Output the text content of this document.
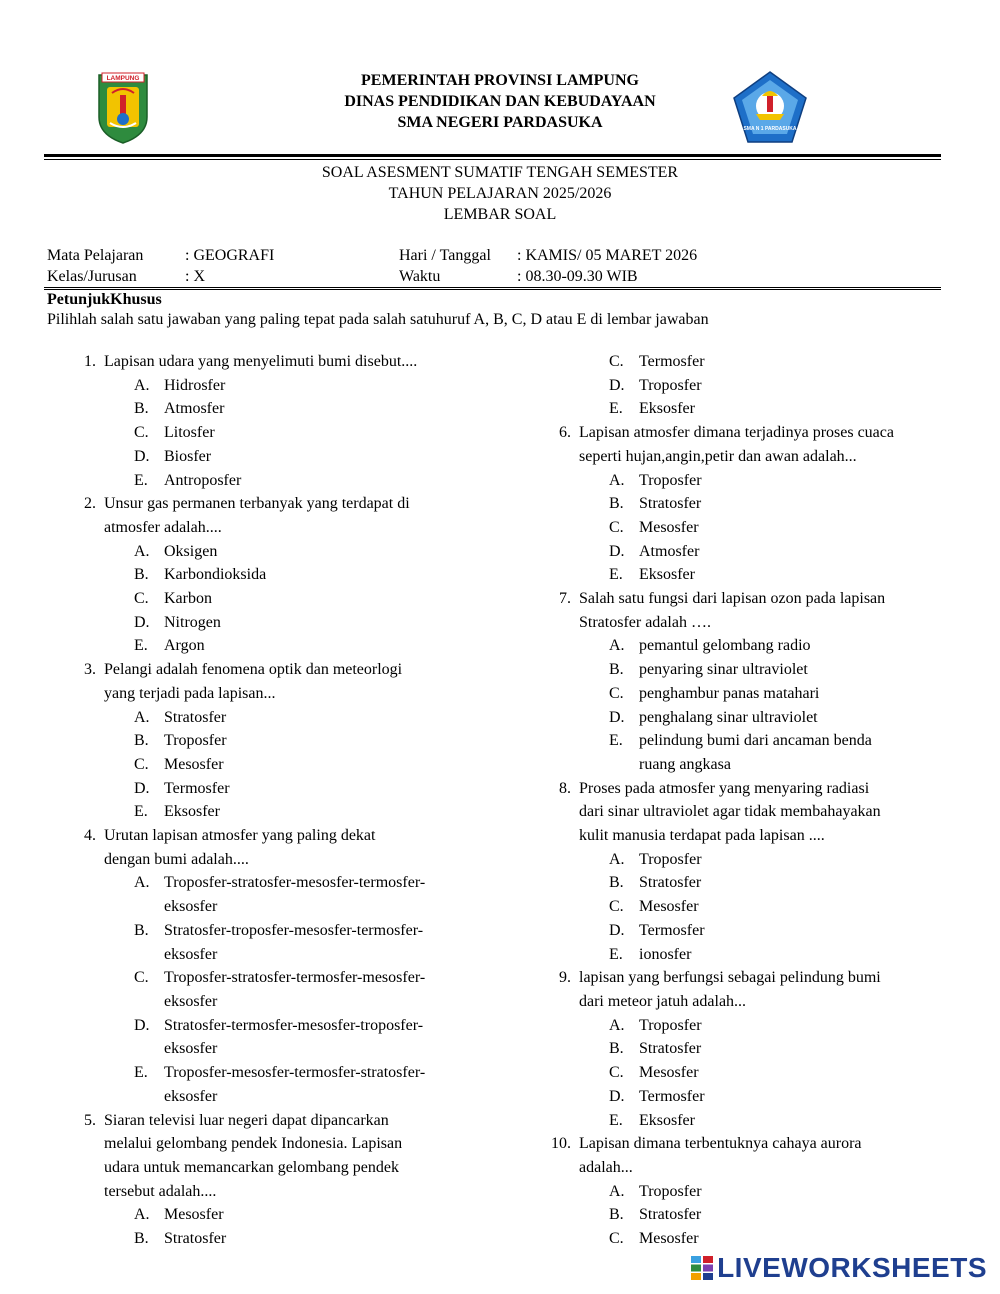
LAMPUNG
SMA N 1 PARDASUKA
PEMERINTAH PROVINSI LAMPUNG
DINAS PENDIDIKAN DAN KEBUDAYAAN
SMA NEGERI PARDASUKA
SOAL ASESMENT SUMATIF TENGAH SEMESTER
TAHUN PELAJARAN 2025/2026
LEMBAR SOAL
Mata Pelajaran	: GEOGRAFI	Hari / Tanggal : KAMIS/ 05 MARET 2026
Kelas/Jurusan	: X	Waktu	: 08.30-09.30 WIB
PetunjukKhusus
Pilihlah salah satu jawaban yang paling tepat pada salah satuhuruf A, B, C, D atau E di lembar jawaban
1. Lapisan udara yang menyelimuti bumi disebut....
A. Hidrosfer
B. Atmosfer
C. Litosfer
D. Biosfer
E. Antroposfer
2. Unsur gas permanen terbanyak yang terdapat di
atmosfer adalah....
A. Oksigen
B. Karbondioksida
C. Karbon
D. Nitrogen
E. Argon
3. Pelangi adalah fenomena optik dan meteorlogi
yang terjadi pada lapisan...
A. Stratosfer
B. Troposfer
C. Mesosfer
D. Termosfer
E. Eksosfer
4. Urutan lapisan atmosfer yang paling dekat
dengan bumi adalah....
A. Troposfer-stratosfer-mesosfer-termosfer-
eksosfer
B. Stratosfer-troposfer-mesosfer-termosfer-
eksosfer
C. Troposfer-stratosfer-termosfer-mesosfer-
eksosfer
D. Stratosfer-termosfer-mesosfer-troposfer-
eksosfer
E. Troposfer-mesosfer-termosfer-stratosfer-
eksosfer
5. Siaran televisi luar negeri dapat dipancarkan
melalui gelombang pendek Indonesia. Lapisan
udara untuk memancarkan gelombang pendek
tersebut adalah....
A. Mesosfer
B. Stratosfer
C. Termosfer
D. Troposfer
E. Eksosfer
6. Lapisan atmosfer dimana terjadinya proses cuaca
seperti hujan,angin,petir dan awan adalah...
A. Troposfer
B. Stratosfer
C. Mesosfer
D. Atmosfer
E. Eksosfer
7. Salah satu fungsi dari lapisan ozon pada lapisan
Stratosfer adalah ….
A. pemantul gelombang radio
B. penyaring sinar ultraviolet
C. penghambur panas matahari
D. penghalang sinar ultraviolet
E. pelindung bumi dari ancaman benda
ruang angkasa
8. Proses pada atmosfer yang menyaring radiasi
dari sinar ultraviolet agar tidak membahayakan
kulit manusia terdapat pada lapisan ....
A. Troposfer
B. Stratosfer
C. Mesosfer
D. Termosfer
E. ionosfer
9. lapisan yang berfungsi sebagai pelindung bumi
dari meteor jatuh adalah...
A. Troposfer
B. Stratosfer
C. Mesosfer
D. Termosfer
E. Eksosfer
10. Lapisan dimana terbentuknya cahaya aurora
adalah...
A. Troposfer
B. Stratosfer
C. Mesosfer
LIVEWORKSHEETS
